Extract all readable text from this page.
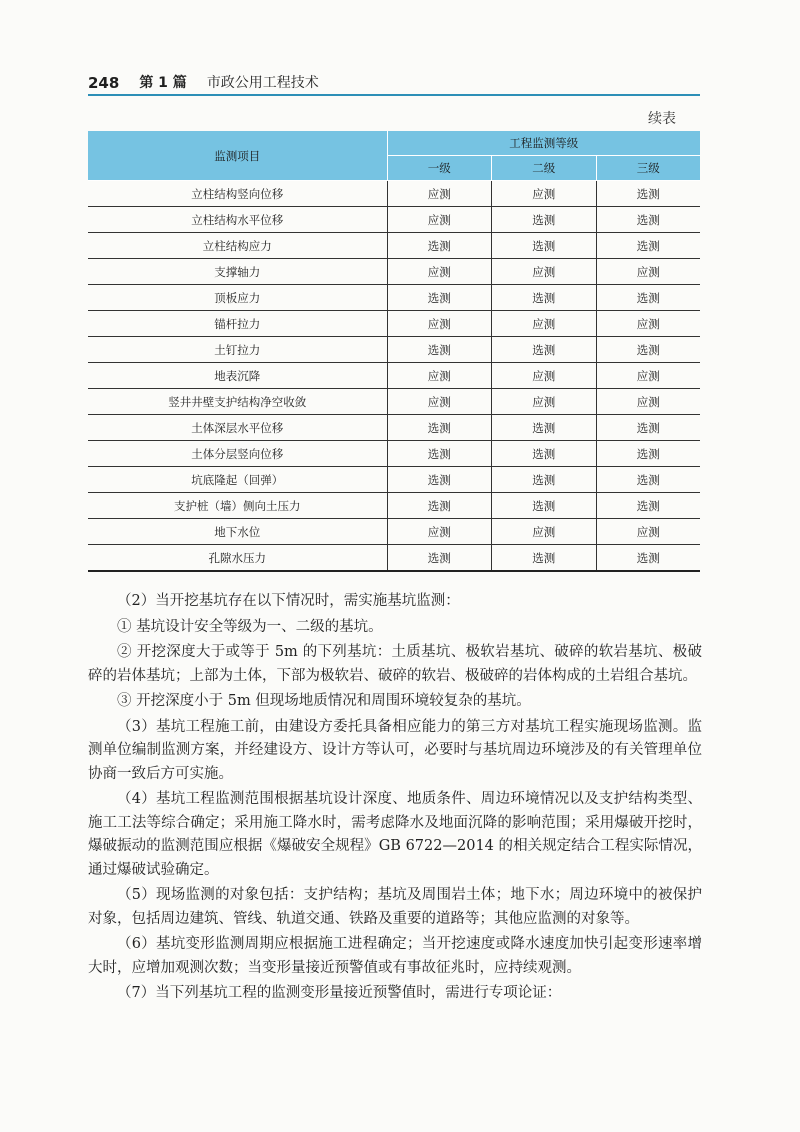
248 第 1 篇 市政公用工程技术
续表
监测项目	工程监测等级		
	一级	二级	三级
立柱结构竖向位移	应测	应测	选测
立柱结构水平位移	应测	选测	选测
立柱结构应力	选测	选测	选测
支撑轴力	应测	应测	应测
顶板应力	选测	选测	选测
锚杆拉力	应测	应测	应测
土钉拉力	选测	选测	选测
地表沉降	应测	应测	应测
竖井井壁支护结构净空收敛	应测	应测	应测
土体深层水平位移	选测	选测	选测
土体分层竖向位移	选测	选测	选测
坑底隆起（回弹）	选测	选测	选测
支护桩（墙）侧向土压力	选测	选测	选测
地下水位	应测	应测	应测
孔隙水压力	选测	选测	选测

（2）当开挖基坑存在以下情况时，需实施基坑监测：

① 基坑设计安全等级为一、二级的基坑。

② 开挖深度大于或等于 5m 的下列基坑：土质基坑、极软岩基坑、破碎的软岩基坑、极破碎的岩体基坑；上部为土体，下部为极软岩、破碎的软岩、极破碎的岩体构成的土岩组合基坑。

③ 开挖深度小于 5m 但现场地质情况和周围环境较复杂的基坑。

（3）基坑工程施工前，由建设方委托具备相应能力的第三方对基坑工程实施现场监测。监测单位编制监测方案，并经建设方、设计方等认可，必要时与基坑周边环境涉及的有关管理单位协商一致后方可实施。

（4）基坑工程监测范围根据基坑设计深度、地质条件、周边环境情况以及支护结构类型、施工工法等综合确定；采用施工降水时，需考虑降水及地面沉降的影响范围；采用爆破开挖时，爆破振动的监测范围应根据《爆破安全规程》GB 6722—2014 的相关规定结合工程实际情况，通过爆破试验确定。

（5）现场监测的对象包括：支护结构；基坑及周围岩土体；地下水；周边环境中的被保护对象，包括周边建筑、管线、轨道交通、铁路及重要的道路等；其他应监测的对象等。

（6）基坑变形监测周期应根据施工进程确定；当开挖速度或降水速度加快引起变形速率增大时，应增加观测次数；当变形量接近预警值或有事故征兆时，应持续观测。

（7）当下列基坑工程的监测变形量接近预警值时，需进行专项论证：
